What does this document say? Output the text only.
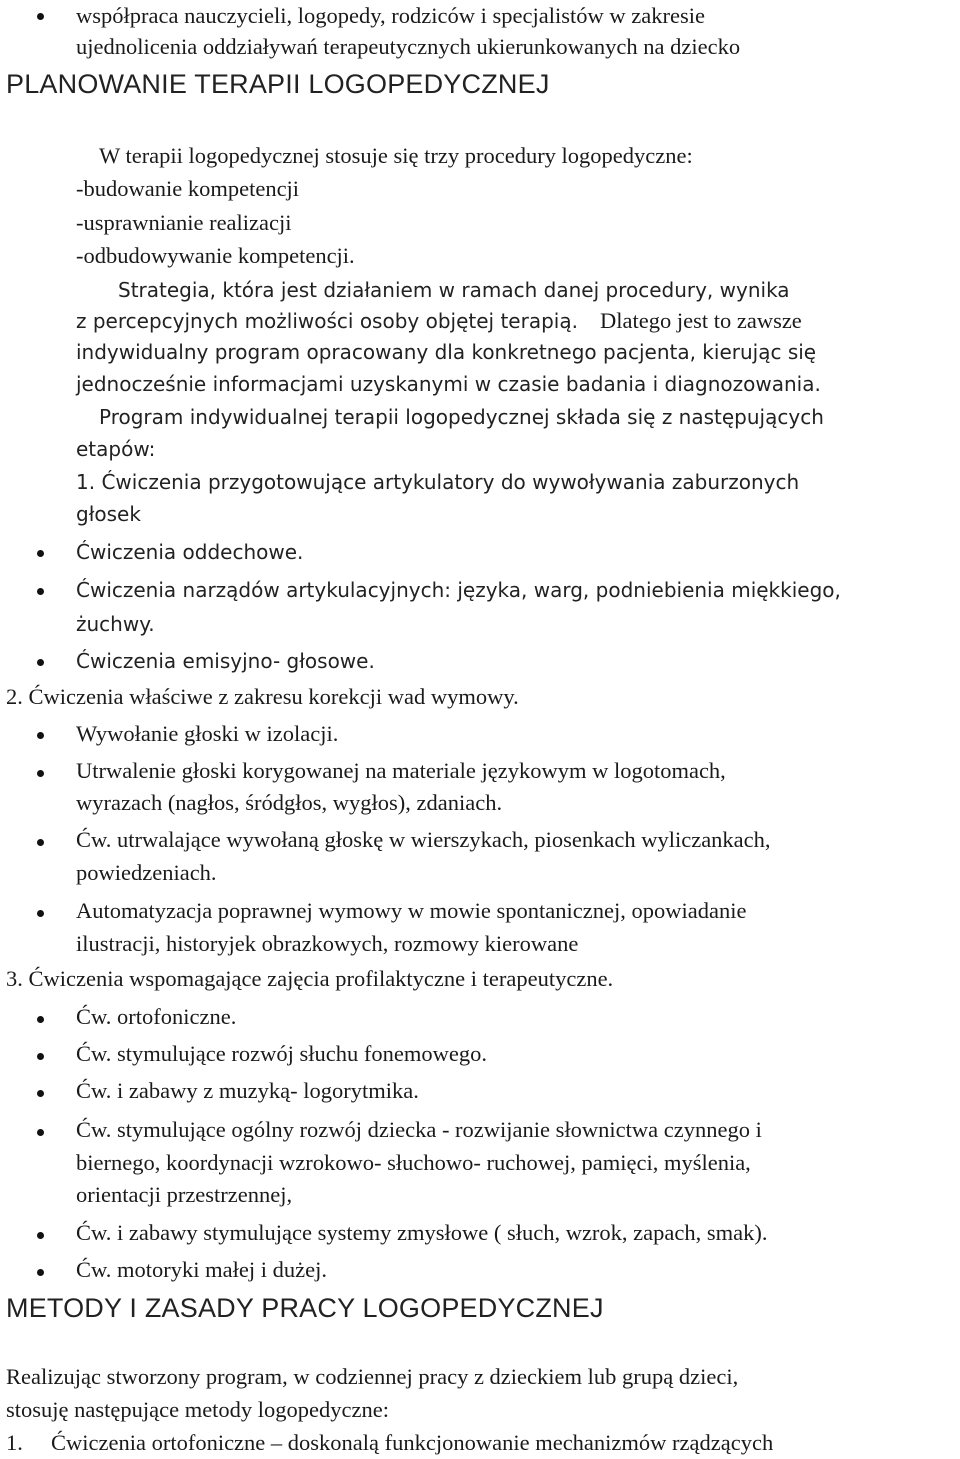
współpraca nauczycieli, logopedy, rodziców i specjalistów w zakresie
ujednolicenia oddziaływań terapeutycznych ukierunkowanych na dziecko
PLANOWANIE TERAPII LOGOPEDYCZNEJ
W terapii logopedycznej stosuje się trzy procedury logopedyczne:
-budowanie kompetencji
-usprawnianie realizacji
-odbudowywanie kompetencji.
Strategia, która jest działaniem w ramach danej procedury, wynika
z percepcyjnych możliwości osoby objętej terapią. Dlatego jest to zawsze
indywidualny program opracowany dla konkretnego pacjenta, kierując się
jednocześnie informacjami uzyskanymi w czasie badania i diagnozowania.
Program indywidualnej terapii logopedycznej składa się z następujących
etapów:
1. Ćwiczenia przygotowujące artykulatory do wywoływania zaburzonych
głosek
Ćwiczenia oddechowe.
Ćwiczenia narządów artykulacyjnych: języka, warg, podniebienia miękkiego,
żuchwy.
Ćwiczenia emisyjno- głosowe.
2. Ćwiczenia właściwe z zakresu korekcji wad wymowy.
Wywołanie głoski w izolacji.
Utrwalenie głoski korygowanej na materiale językowym w logotomach,
wyrazach (nagłos, śródgłos, wygłos), zdaniach.
Ćw. utrwalające wywołaną głoskę w wierszykach, piosenkach wyliczankach,
powiedzeniach.
Automatyzacja poprawnej wymowy w mowie spontanicznej, opowiadanie
ilustracji, historyjek obrazkowych, rozmowy kierowane
3. Ćwiczenia wspomagające zajęcia profilaktyczne i terapeutyczne.
Ćw. ortofoniczne.
Ćw. stymulujące rozwój słuchu fonemowego.
Ćw. i zabawy z muzyką- logorytmika.
Ćw. stymulujące ogólny rozwój dziecka - rozwijanie słownictwa czynnego i
biernego, koordynacji wzrokowo- słuchowo- ruchowej, pamięci, myślenia,
orientacji przestrzennej,
Ćw. i zabawy stymulujące systemy zmysłowe ( słuch, wzrok, zapach, smak).
Ćw. motoryki małej i dużej.
METODY I ZASADY PRACY LOGOPEDYCZNEJ
Realizując stworzony program, w codziennej pracy z dzieckiem lub grupą dzieci,
stosuję następujące metody logopedyczne:
1. Ćwiczenia ortofoniczne – doskonalą funkcjonowanie mechanizmów rządzących
